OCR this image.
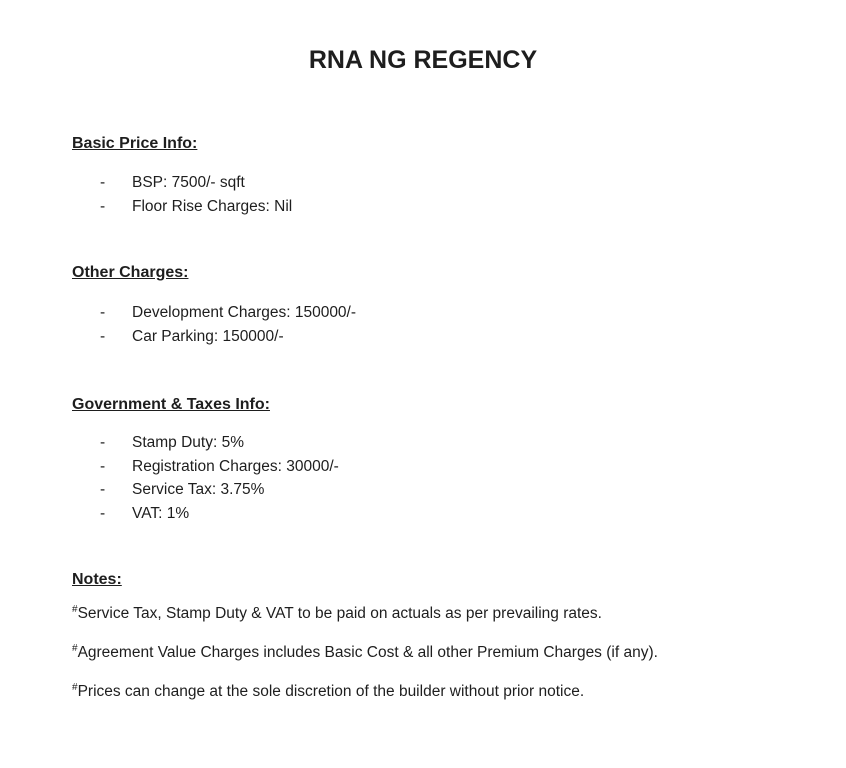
RNA NG REGENCY
Basic Price Info:
-	BSP: 7500/- sqft
-	Floor Rise Charges: Nil
Other Charges:
-	Development Charges: 150000/-
-	Car Parking: 150000/-
Government & Taxes Info:
-	Stamp Duty: 5%
-	Registration Charges: 30000/-
-	Service Tax: 3.75%
-	VAT: 1%
Notes:

#Service Tax, Stamp Duty & VAT to be paid on actuals as per prevailing rates.

#Agreement Value Charges includes Basic Cost & all other Premium Charges (if any).

#Prices can change at the sole discretion of the builder without prior notice.
